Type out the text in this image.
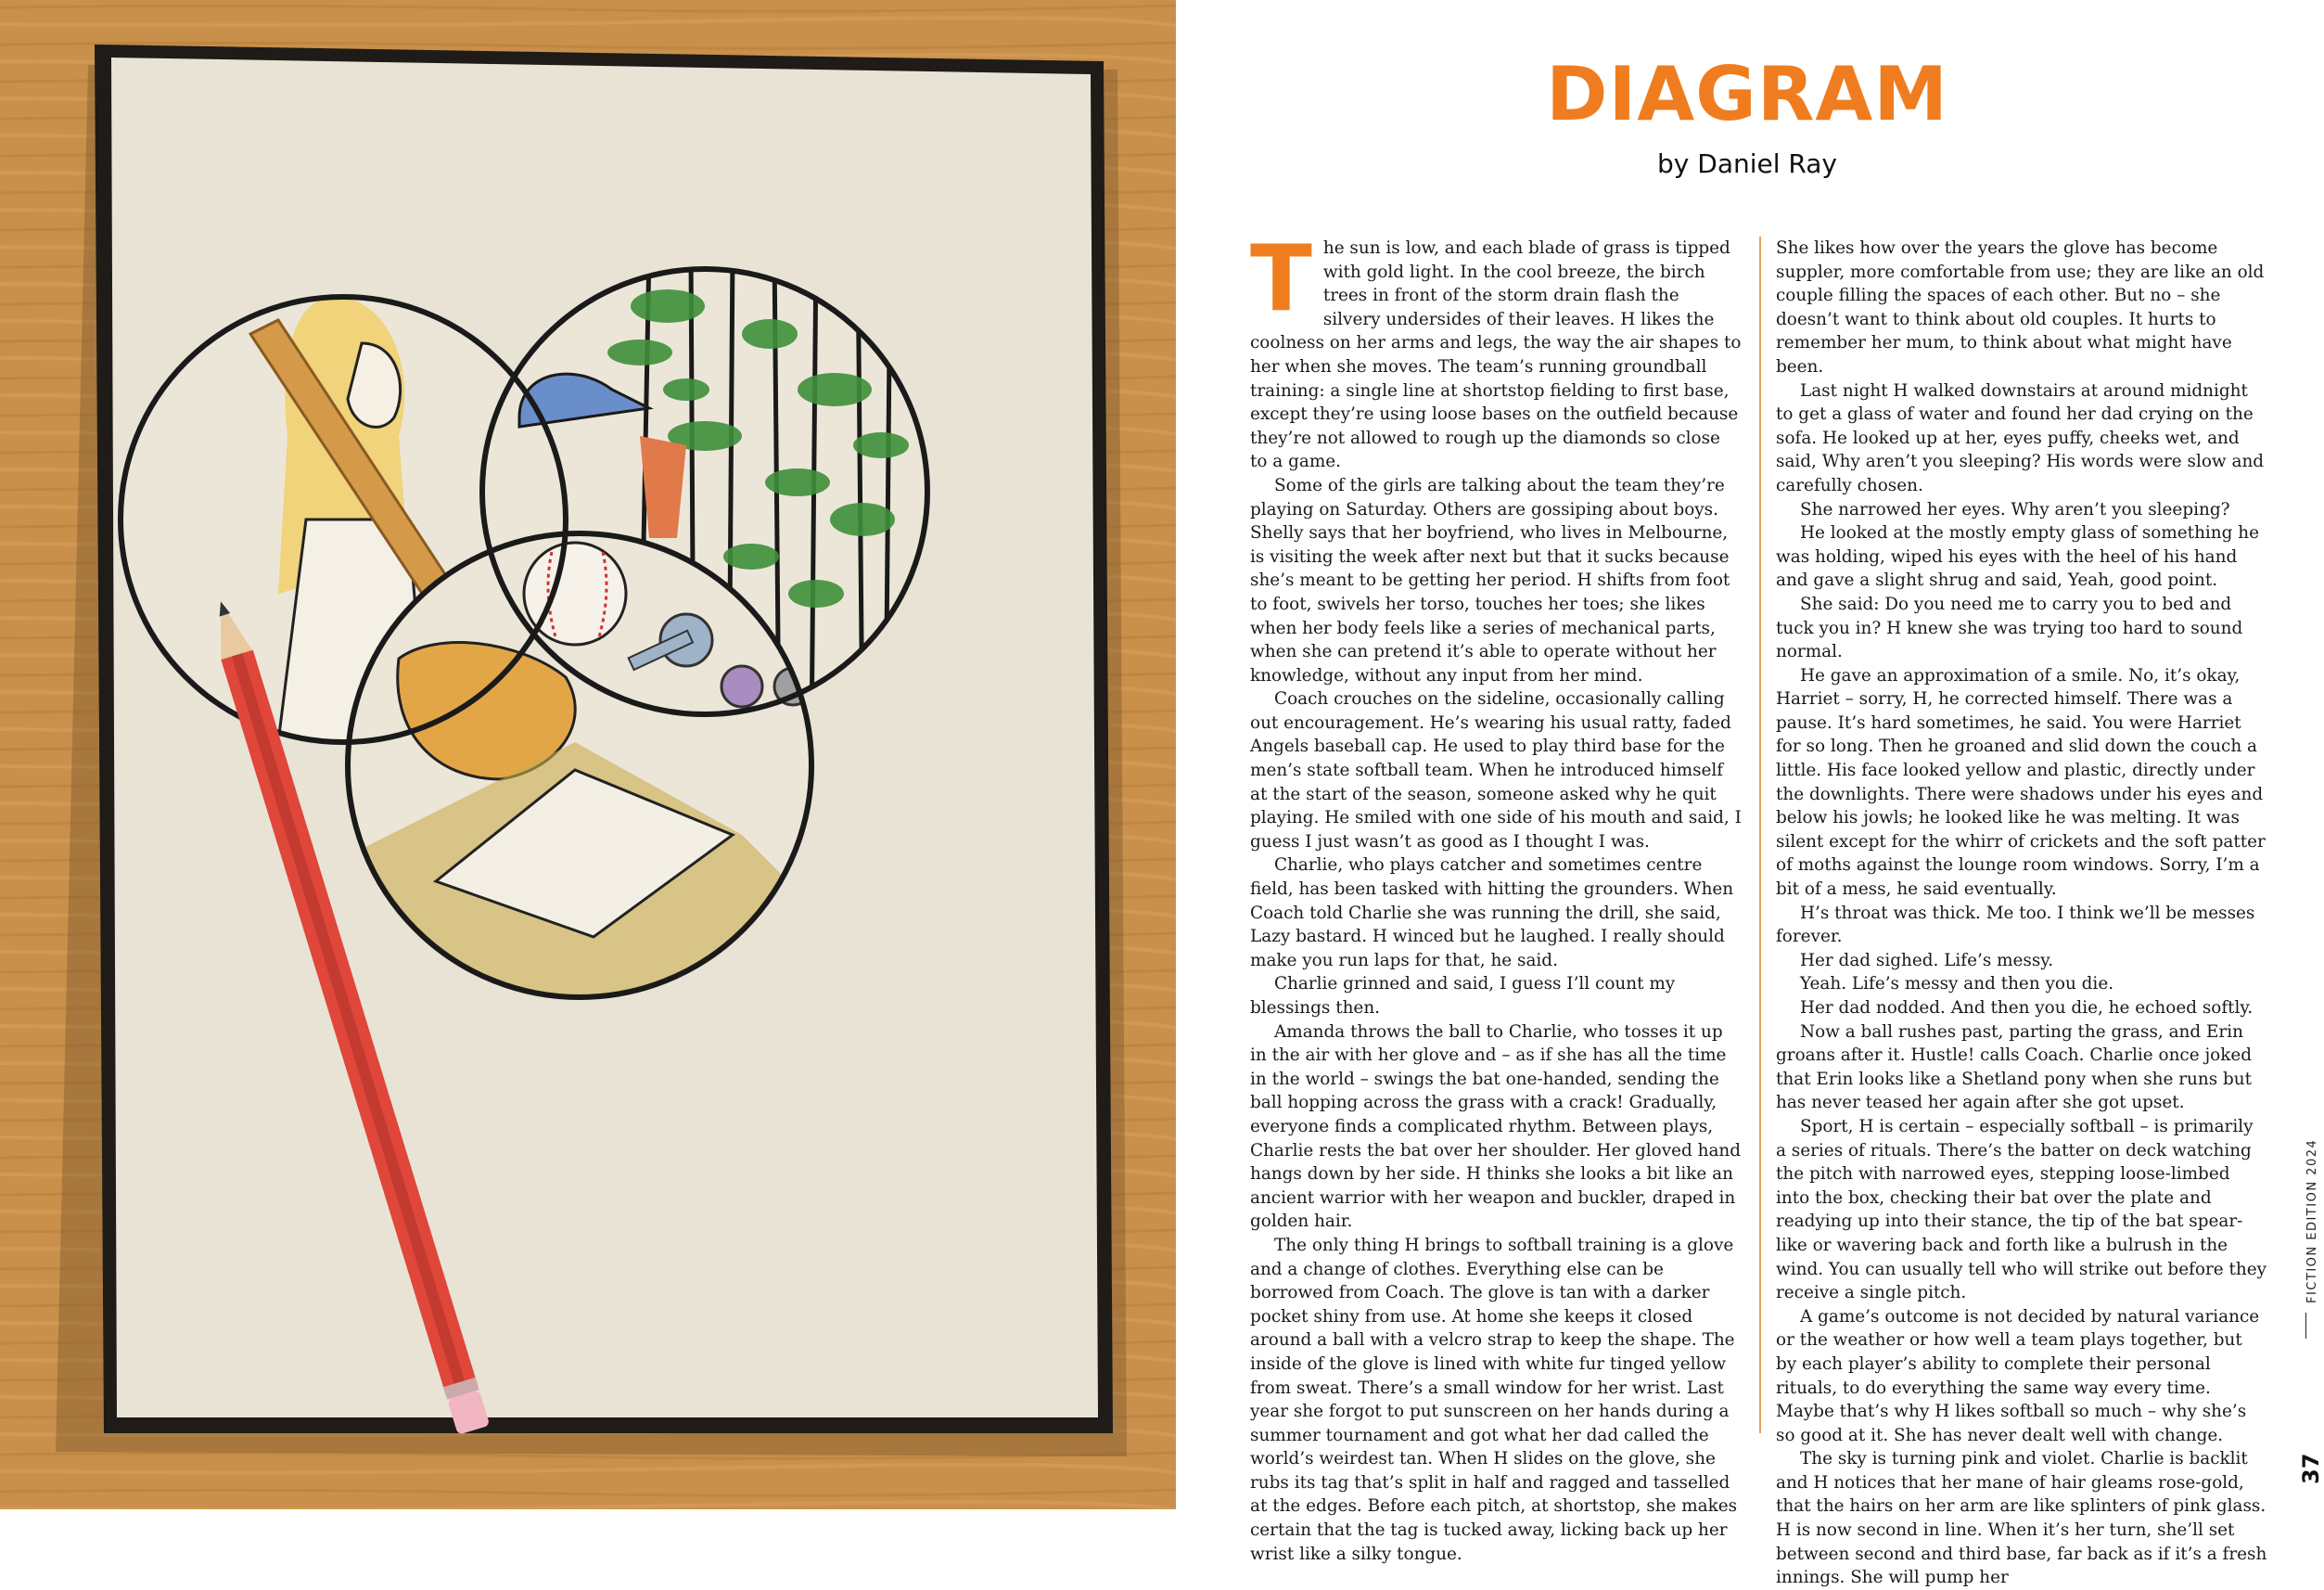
DIAGRAM
by Daniel Ray

The sun is low, and each blade of grass is tipped with gold light. In the cool breeze, the birch trees in front of the storm drain flash the silvery undersides of their leaves. H likes the coolness on her arms and legs, the way the air shapes to her when she moves. The team’s running groundball training: a single line at shortstop fielding to first base, except they’re using loose bases on the outfield because they’re not allowed to rough up the diamonds so close to a game.

Some of the girls are talking about the team they’re playing on Saturday. Others are gossiping about boys. Shelly says that her boyfriend, who lives in Melbourne, is visiting the week after next but that it sucks because she’s meant to be getting her period. H shifts from foot to foot, swivels her torso, touches her toes; she likes when her body feels like a series of mechanical parts, when she can pretend it’s able to operate without her knowledge, without any input from her mind.

Coach crouches on the sideline, occasionally calling out encouragement. He’s wearing his usual ratty, faded Angels baseball cap. He used to play third base for the men’s state softball team. When he introduced himself at the start of the season, someone asked why he quit playing. He smiled with one side of his mouth and said, I guess I just wasn’t as good as I thought I was.

Charlie, who plays catcher and sometimes centre field, has been tasked with hitting the grounders. When Coach told Charlie she was running the drill, she said, Lazy bastard. H winced but he laughed. I really should make you run laps for that, he said.

Charlie grinned and said, I guess I’ll count my blessings then.

Amanda throws the ball to Charlie, who tosses it up in the air with her glove and – as if she has all the time in the world – swings the bat one-handed, sending the ball hopping across the grass with a crack! Gradually, everyone finds a complicated rhythm. Between plays, Charlie rests the bat over her shoulder. Her gloved hand hangs down by her side. H thinks she looks a bit like an ancient warrior with her weapon and buckler, draped in golden hair.

The only thing H brings to softball training is a glove and a change of clothes. Everything else can be borrowed from Coach. The glove is tan with a darker pocket shiny from use. At home she keeps it closed around a ball with a velcro strap to keep the shape. The inside of the glove is lined with white fur tinged yellow from sweat. There’s a small window for her wrist. Last year she forgot to put sunscreen on her hands during a summer tournament and got what her dad called the world’s weirdest tan. When H slides on the glove, she rubs its tag that’s split in half and ragged and tasselled at the edges. Before each pitch, at shortstop, she makes certain that the tag is tucked away, licking back up her wrist like a silky tongue.

She likes how over the years the glove has become suppler, more comfortable from use; they are like an old couple filling the spaces of each other. But no – she doesn’t want to think about old couples. It hurts to remember her mum, to think about what might have been.

Last night H walked downstairs at around midnight to get a glass of water and found her dad crying on the sofa. He looked up at her, eyes puffy, cheeks wet, and said, Why aren’t you sleeping? His words were slow and carefully chosen.

She narrowed her eyes. Why aren’t you sleeping?

He looked at the mostly empty glass of something he was holding, wiped his eyes with the heel of his hand and gave a slight shrug and said, Yeah, good point.

She said: Do you need me to carry you to bed and tuck you in? H knew she was trying too hard to sound normal.

He gave an approximation of a smile. No, it’s okay, Harriet – sorry, H, he corrected himself. There was a pause. It’s hard sometimes, he said. You were Harriet for so long. Then he groaned and slid down the couch a little. His face looked yellow and plastic, directly under the downlights. There were shadows under his eyes and below his jowls; he looked like he was melting. It was silent except for the whirr of crickets and the soft patter of moths against the lounge room windows. Sorry, I’m a bit of a mess, he said eventually.

H’s throat was thick. Me too. I think we’ll be messes forever.

Her dad sighed. Life’s messy.

Yeah. Life’s messy and then you die.

Her dad nodded. And then you die, he echoed softly.

Now a ball rushes past, parting the grass, and Erin groans after it. Hustle! calls Coach. Charlie once joked that Erin looks like a Shetland pony when she runs but has never teased her again after she got upset.

Sport, H is certain – especially softball – is primarily a series of rituals. There’s the batter on deck watching the pitch with narrowed eyes, stepping loose-limbed into the box, checking their bat over the plate and readying up into their stance, the tip of the bat spear-like or wavering back and forth like a bulrush in the wind. You can usually tell who will strike out before they receive a single pitch.

A game’s outcome is not decided by natural variance or the weather or how well a team plays together, but by each player’s ability to complete their personal rituals, to do everything the same way every time. Maybe that’s why H likes softball so much – why she’s so good at it. She has never dealt well with change.

The sky is turning pink and violet. Charlie is backlit and H notices that her mane of hair gleams rose-gold, that the hairs on her arm are like splinters of pink glass. H is now second in line. When it’s her turn, she’ll set between second and third base, far back as if it’s a fresh innings. She will pump her

FICTION EDITION 2024
37
